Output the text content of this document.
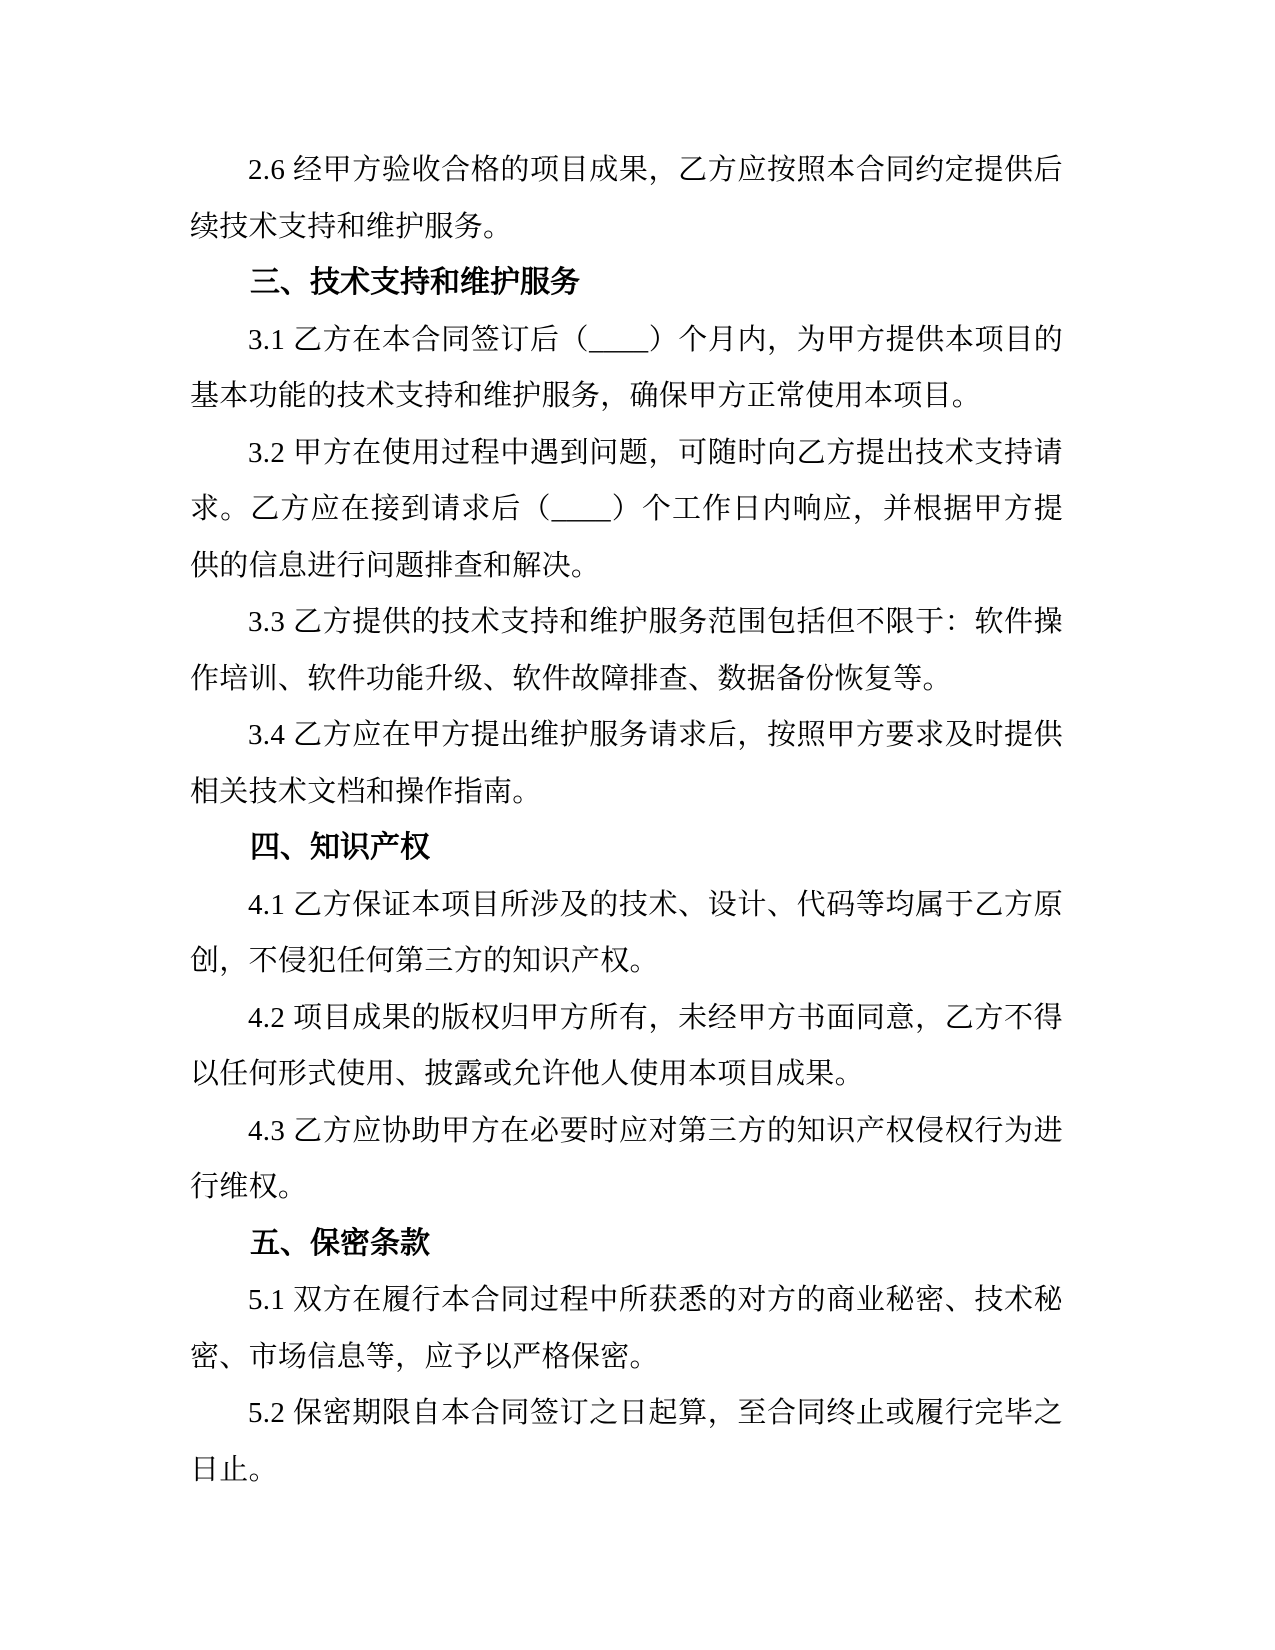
2.6 经甲方验收合格的项目成果，乙方应按照本合同约定提供后续技术支持和维护服务。

三、技术支持和维护服务

3.1 乙方在本合同签订后（____）个月内，为甲方提供本项目的基本功能的技术支持和维护服务，确保甲方正常使用本项目。

3.2 甲方在使用过程中遇到问题，可随时向乙方提出技术支持请求。乙方应在接到请求后（____）个工作日内响应，并根据甲方提供的信息进行问题排查和解决。

3.3 乙方提供的技术支持和维护服务范围包括但不限于：软件操作培训、软件功能升级、软件故障排查、数据备份恢复等。

3.4 乙方应在甲方提出维护服务请求后，按照甲方要求及时提供相关技术文档和操作指南。

四、知识产权

4.1 乙方保证本项目所涉及的技术、设计、代码等均属于乙方原创，不侵犯任何第三方的知识产权。

4.2 项目成果的版权归甲方所有，未经甲方书面同意，乙方不得以任何形式使用、披露或允许他人使用本项目成果。

4.3 乙方应协助甲方在必要时应对第三方的知识产权侵权行为进行维权。

五、保密条款

5.1 双方在履行本合同过程中所获悉的对方的商业秘密、技术秘密、市场信息等，应予以严格保密。

5.2 保密期限自本合同签订之日起算，至合同终止或履行完毕之日止。
